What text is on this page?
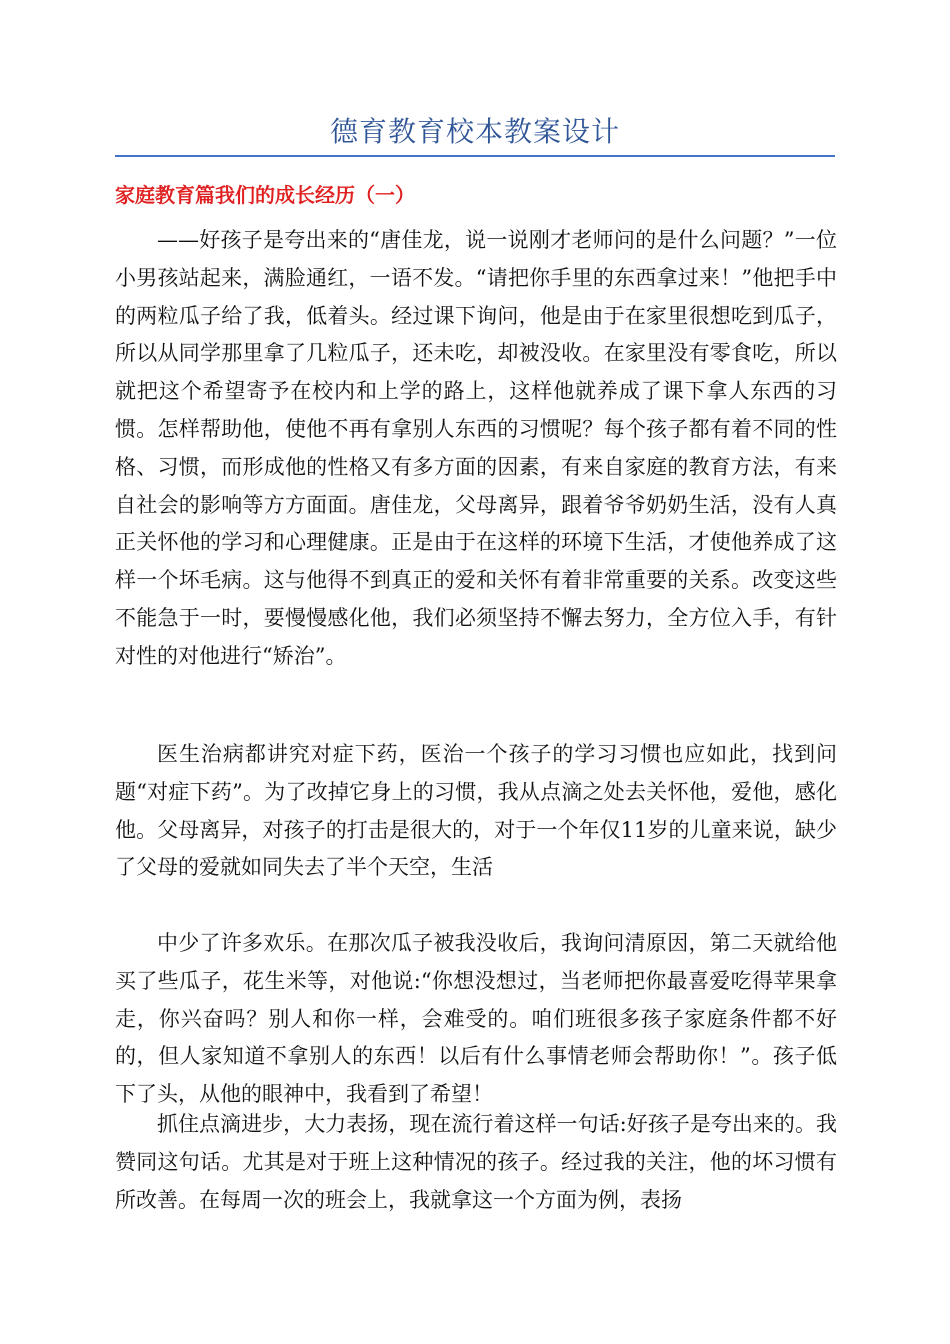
德育教育校本教案设计
家庭教育篇我们的成长经历（一）

——好孩子是夸出来的“唐佳龙，说一说刚才老师问的是什么问题？”一位小男孩站起来，满脸通红，一语不发。“请把你手里的东西拿过来！”他把手中的两粒瓜子给了我，低着头。经过课下询问，他是由于在家里很想吃到瓜子，所以从同学那里拿了几粒瓜子，还未吃，却被没收。在家里没有零食吃，所以就把这个希望寄予在校内和上学的路上，这样他就养成了课下拿人东西的习惯。怎样帮助他，使他不再有拿别人东西的习惯呢？每个孩子都有着不同的性格、习惯，而形成他的性格又有多方面的因素，有来自家庭的教育方法，有来自社会的影响等方方面面。唐佳龙，父母离异，跟着爷爷奶奶生活，没有人真正关怀他的学习和心理健康。正是由于在这样的环境下生活，才使他养成了这样一个坏毛病。这与他得不到真正的爱和关怀有着非常重要的关系。改变这些不能急于一时，要慢慢感化他，我们必须坚持不懈去努力，全方位入手，有针对性的对他进行“矫治”。

医生治病都讲究对症下药，医治一个孩子的学习习惯也应如此，找到问题“对症下药”。为了改掉它身上的习惯，我从点滴之处去关怀他，爱他，感化他。父母离异，对孩子的打击是很大的，对于一个年仅11岁的儿童来说，缺少了父母的爱就如同失去了半个天空，生活

中少了许多欢乐。在那次瓜子被我没收后，我询问清原因，第二天就给他买了些瓜子，花生米等，对他说:“你想没想过，当老师把你最喜爱吃得苹果拿走，你兴奋吗？别人和你一样，会难受的。咱们班很多孩子家庭条件都不好的，但人家知道不拿别人的东西！以后有什么事情老师会帮助你！”。孩子低下了头，从他的眼神中，我看到了希望！

抓住点滴进步，大力表扬，现在流行着这样一句话:好孩子是夸出来的。我赞同这句话。尤其是对于班上这种情况的孩子。经过我的关注，他的坏习惯有所改善。在每周一次的班会上，我就拿这一个方面为例，表扬
